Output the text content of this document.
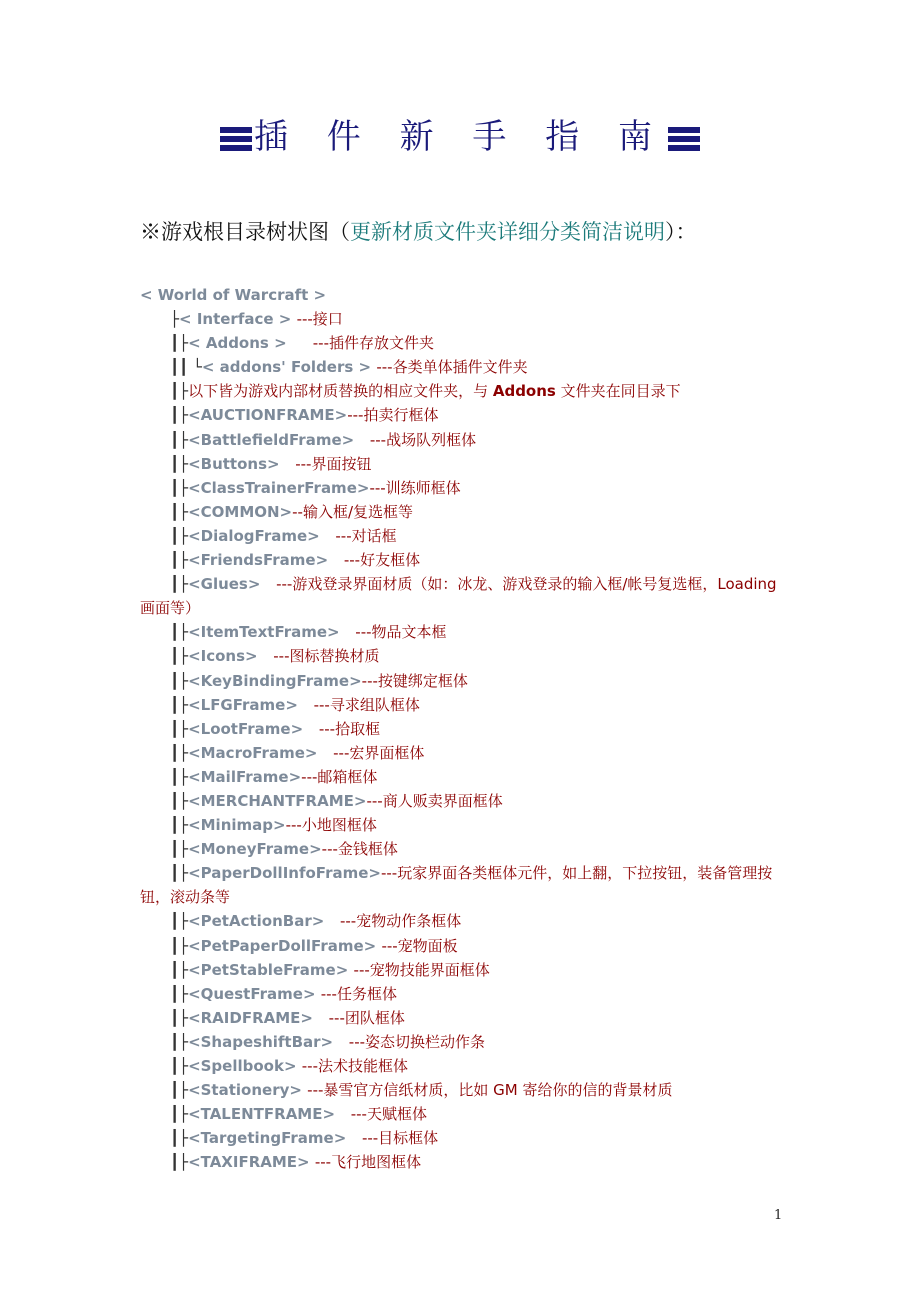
插 件 新 手 指 南
※游戏根目录树状图（更新材质文件夹详细分类简洁说明）：
< World of Warcraft >
├< Interface > ---接口
┃├< Addons >     ---插件存放文件夹
┃┃ └< addons' Folders > ---各类单体插件文件夹
┃├以下皆为游戏内部材质替换的相应文件夹，与 Addons 文件夹在同目录下
┃├<AUCTIONFRAME>---拍卖行框体
┃├<BattlefieldFrame>   ---战场队列框体
┃├<Buttons>   ---界面按钮
┃├<ClassTrainerFrame>---训练师框体
┃├<COMMON>--输入框/复选框等
┃├<DialogFrame>   ---对话框
┃├<FriendsFrame>   ---好友框体
┃├<Glues>   ---游戏登录界面材质（如：冰龙、游戏登录的输入框/帐号复选框，Loading 画面等）
┃├<ItemTextFrame>   ---物品文本框
┃├<Icons>   ---图标替换材质
┃├<KeyBindingFrame>---按键绑定框体
┃├<LFGFrame>   ---寻求组队框体
┃├<LootFrame>   ---拾取框
┃├<MacroFrame>   ---宏界面框体
┃├<MailFrame>---邮箱框体
┃├<MERCHANTFRAME>---商人贩卖界面框体
┃├<Minimap>---小地图框体
┃├<MoneyFrame>---金钱框体
┃├<PaperDollInfoFrame>---玩家界面各类框体元件，如上翻，下拉按钮，装备管理按钮，滚动条等
┃├<PetActionBar>   ---宠物动作条框体
┃├<PetPaperDollFrame> ---宠物面板
┃├<PetStableFrame> ---宠物技能界面框体
┃├<QuestFrame> ---任务框体
┃├<RAIDFRAME>   ---团队框体
┃├<ShapeshiftBar>   ---姿态切换栏动作条
┃├<Spellbook> ---法术技能框体
┃├<Stationery> ---暴雪官方信纸材质，比如 GM 寄给你的信的背景材质
┃├<TALENTFRAME>   ---天赋框体
┃├<TargetingFrame>   ---目标框体
┃├<TAXIFRAME> ---飞行地图框体
1
